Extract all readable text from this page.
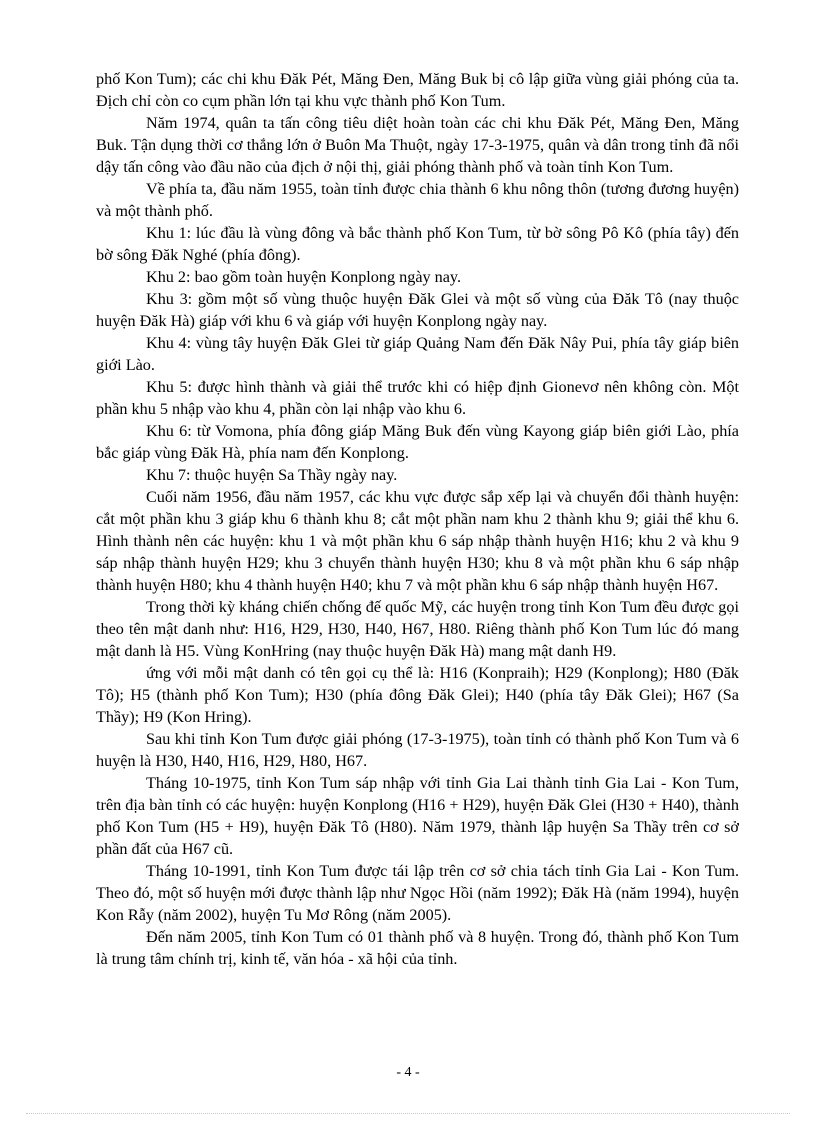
phố Kon Tum); các chi khu Đăk Pét, Măng Đen, Măng Buk bị cô lập giữa vùng giải phóng của ta. Địch chỉ còn co cụm phần lớn tại khu vực thành phố Kon Tum.

Năm 1974, quân ta tấn công tiêu diệt hoàn toàn các chi khu Đăk Pét, Măng Đen, Măng Buk. Tận dụng thời cơ thắng lớn ở Buôn Ma Thuột, ngày 17-3-1975, quân và dân trong tỉnh đã nổi dậy tấn công vào đầu não của địch ở nội thị, giải phóng thành phố và toàn tỉnh Kon Tum.

Về phía ta, đầu năm 1955, toàn tỉnh được chia thành 6 khu nông thôn (tương đương huyện) và một thành phố.

Khu 1: lúc đầu là vùng đông và bắc thành phố Kon Tum, từ bờ sông Pô Kô (phía tây) đến bờ sông Đăk Nghé (phía đông).

Khu 2: bao gồm toàn huyện Konplong ngày nay.

Khu 3: gồm một số vùng thuộc huyện Đăk Glei và một số vùng của Đăk Tô (nay thuộc huyện Đăk Hà) giáp với khu 6 và giáp với huyện Konplong ngày nay.

Khu 4: vùng tây huyện Đăk Glei từ giáp Quảng Nam đến Đăk Nây Pui, phía tây giáp biên giới Lào.

Khu 5: được hình thành và giải thể trước khi có hiệp định Gionevơ nên không còn. Một phần khu 5 nhập vào khu 4, phần còn lại nhập vào khu 6.

Khu 6: từ Vomona, phía đông giáp Măng Buk đến vùng Kayong giáp biên giới Lào, phía bắc giáp vùng Đăk Hà, phía nam đến Konplong.

Khu 7: thuộc huyện Sa Thầy ngày nay.

Cuối năm 1956, đầu năm 1957, các khu vực được sắp xếp lại và chuyển đổi thành huyện: cắt một phần khu 3 giáp khu 6 thành khu 8; cắt một phần nam khu 2 thành khu 9; giải thể khu 6. Hình thành nên các huyện: khu 1 và một phần khu 6 sáp nhập thành huyện H16; khu 2 và khu 9 sáp nhập thành huyện H29; khu 3 chuyển thành huyện H30; khu 8 và một phần khu 6 sáp nhập thành huyện H80; khu 4 thành huyện H40; khu 7 và một phần khu 6 sáp nhập thành huyện H67.

Trong thời kỳ kháng chiến chống đế quốc Mỹ, các huyện trong tỉnh Kon Tum đều được gọi theo tên mật danh như: H16, H29, H30, H40, H67, H80. Riêng thành phố Kon Tum lúc đó mang mật danh là H5. Vùng KonHring (nay thuộc huyện Đăk Hà) mang mật danh H9.

ứng với mỗi mật danh có tên gọi cụ thể là: H16 (Konpraih); H29 (Konplong); H80 (Đăk Tô); H5 (thành phố Kon Tum); H30 (phía đông Đăk Glei); H40 (phía tây Đăk Glei); H67 (Sa Thầy); H9 (Kon Hring).

Sau khi tỉnh Kon Tum được giải phóng (17-3-1975), toàn tỉnh có thành phố Kon Tum và 6 huyện là H30, H40, H16, H29, H80, H67.

Tháng 10-1975, tỉnh Kon Tum sáp nhập với tỉnh Gia Lai thành tỉnh Gia Lai - Kon Tum, trên địa bàn tỉnh có các huyện: huyện Konplong (H16 + H29), huyện Đăk Glei (H30 + H40), thành phố Kon Tum (H5 + H9), huyện Đăk Tô (H80). Năm 1979, thành lập huyện Sa Thầy trên cơ sở phần đất của H67 cũ.

Tháng 10-1991, tỉnh Kon Tum được tái lập trên cơ sở chia tách tỉnh Gia Lai - Kon Tum. Theo đó, một số huyện mới được thành lập như Ngọc Hồi (năm 1992); Đăk Hà (năm 1994), huyện Kon Rẫy (năm 2002), huyện Tu Mơ Rông (năm 2005).

Đến năm 2005, tỉnh Kon Tum có 01 thành phố và 8 huyện. Trong đó, thành phố Kon Tum là trung tâm chính trị, kinh tế, văn hóa - xã hội của tỉnh.

- 4 -
